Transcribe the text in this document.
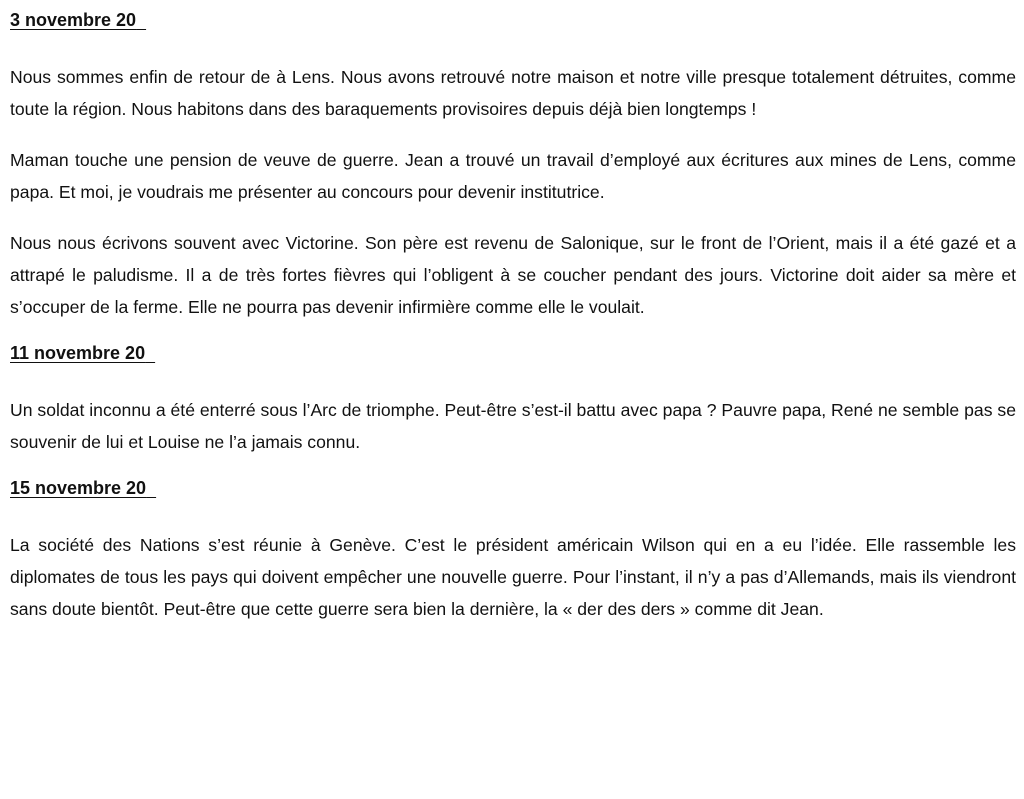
3 novembre 20

Nous sommes enfin de retour de à Lens. Nous avons retrouvé notre maison et notre ville presque totalement détruites, comme toute la région. Nous habitons dans des baraquements provisoires depuis déjà bien longtemps !

Maman touche une pension de veuve de guerre. Jean a trouvé un travail d’employé aux écritures aux mines de Lens, comme papa. Et moi, je voudrais me présenter au concours pour devenir institutrice.

Nous nous écrivons souvent avec Victorine. Son père est revenu de Salonique, sur le front de l’Orient, mais il a été gazé et a attrapé le paludisme. Il a de très fortes fièvres qui l’obligent à se coucher pendant des jours. Victorine doit aider sa mère et s’occuper de la ferme. Elle ne pourra pas devenir infirmière comme elle le voulait.

11 novembre 20

Un soldat inconnu a été enterré sous l’Arc de triomphe. Peut-être s’est-il battu avec papa ? Pauvre papa, René ne semble pas se souvenir de lui et Louise ne l’a jamais connu.

15 novembre 20

La société des Nations s’est réunie à Genève. C’est le président américain Wilson qui en a eu l’idée. Elle rassemble les diplomates de tous les pays qui doivent empêcher une nouvelle guerre. Pour l’instant, il n’y a pas d’Allemands, mais ils viendront sans doute bientôt. Peut-être que cette guerre sera bien la dernière, la « der des ders » comme dit Jean.
